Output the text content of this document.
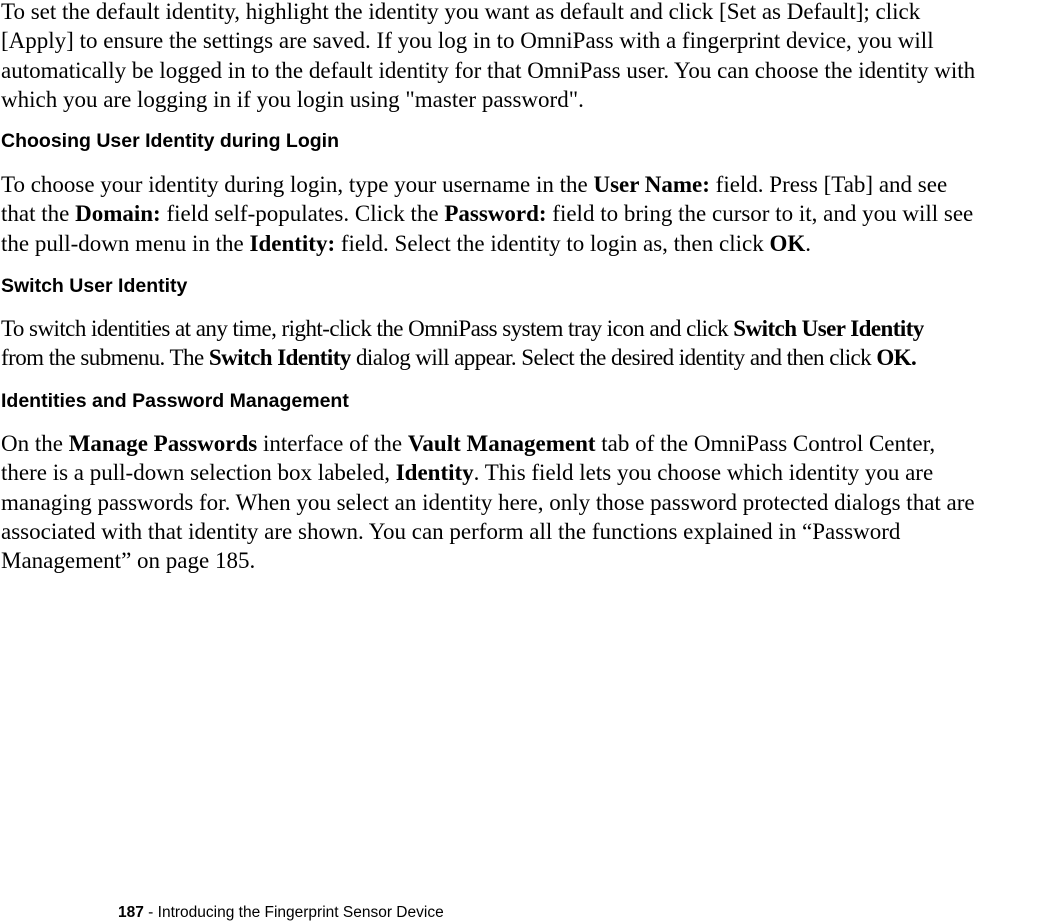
To set the default identity, highlight the identity you want as default and click [Set as Default]; click
[Apply] to ensure the settings are saved. If you log in to OmniPass with a fingerprint device, you will
automatically be logged in to the default identity for that OmniPass user. You can choose the identity with
which you are logging in if you login using "master password".
Choosing User Identity during Login
To choose your identity during login, type your username in the User Name: field. Press [Tab] and see
that the Domain: field self-populates. Click the Password: field to bring the cursor to it, and you will see
the pull-down menu in the Identity: field. Select the identity to login as, then click OK.
Switch User Identity
To switch identities at any time, right-click the OmniPass system tray icon and click Switch User Identity
from the submenu. The Switch Identity dialog will appear. Select the desired identity and then click OK.
Identities and Password Management
On the Manage Passwords interface of the Vault Management tab of the OmniPass Control Center,
there is a pull-down selection box labeled, Identity. This field lets you choose which identity you are
managing passwords for. When you select an identity here, only those password protected dialogs that are
associated with that identity are shown. You can perform all the functions explained in “Password
Management” on page 185.
187 - Introducing the Fingerprint Sensor Device
